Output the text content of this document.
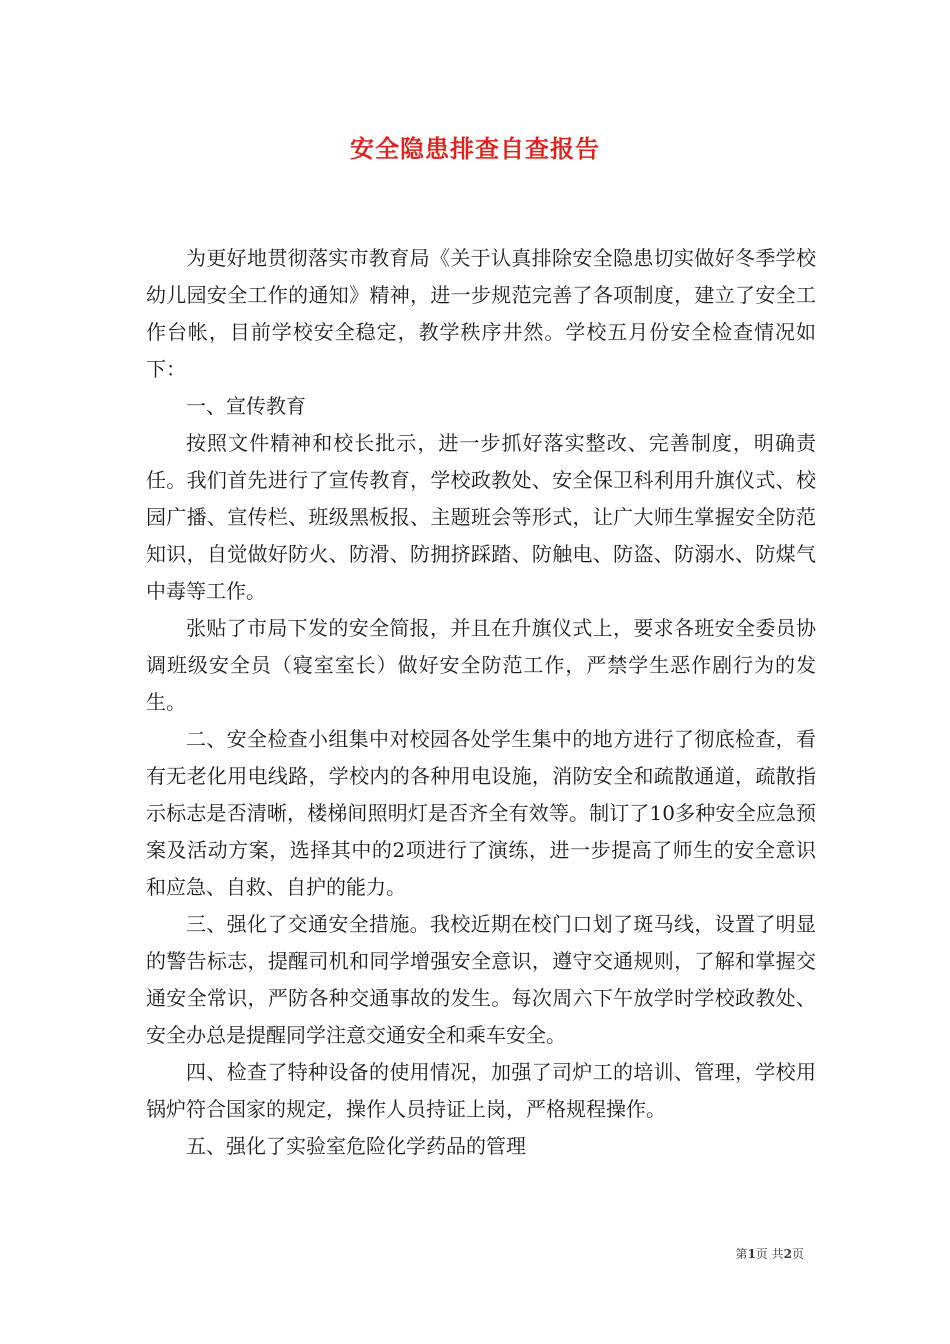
安全隐患排查自查报告

为更好地贯彻落实市教育局《关于认真排除安全隐患切实做好冬季学校幼儿园安全工作的通知》精神，进一步规范完善了各项制度，建立了安全工作台帐，目前学校安全稳定，教学秩序井然。学校五月份安全检查情况如下：

一、宣传教育

按照文件精神和校长批示，进一步抓好落实整改、完善制度，明确责任。我们首先进行了宣传教育，学校政教处、安全保卫科利用升旗仪式、校园广播、宣传栏、班级黑板报、主题班会等形式，让广大师生掌握安全防范知识，自觉做好防火、防滑、防拥挤踩踏、防触电、防盗、防溺水、防煤气中毒等工作。

张贴了市局下发的安全简报，并且在升旗仪式上，要求各班安全委员协调班级安全员（寝室室长）做好安全防范工作，严禁学生恶作剧行为的发生。

二、安全检查小组集中对校园各处学生集中的地方进行了彻底检查，看有无老化用电线路，学校内的各种用电设施，消防安全和疏散通道，疏散指示标志是否清晰，楼梯间照明灯是否齐全有效等。制订了10多种安全应急预案及活动方案，选择其中的2项进行了演练，进一步提高了师生的安全意识和应急、自救、自护的能力。

三、强化了交通安全措施。我校近期在校门口划了斑马线，设置了明显的警告标志，提醒司机和同学增强安全意识，遵守交通规则，了解和掌握交通安全常识，严防各种交通事故的发生。每次周六下午放学时学校政教处、安全办总是提醒同学注意交通安全和乘车安全。

四、检查了特种设备的使用情况，加强了司炉工的培训、管理，学校用锅炉符合国家的规定，操作人员持证上岗，严格规程操作。

五、强化了实验室危险化学药品的管理

第1页 共2页
